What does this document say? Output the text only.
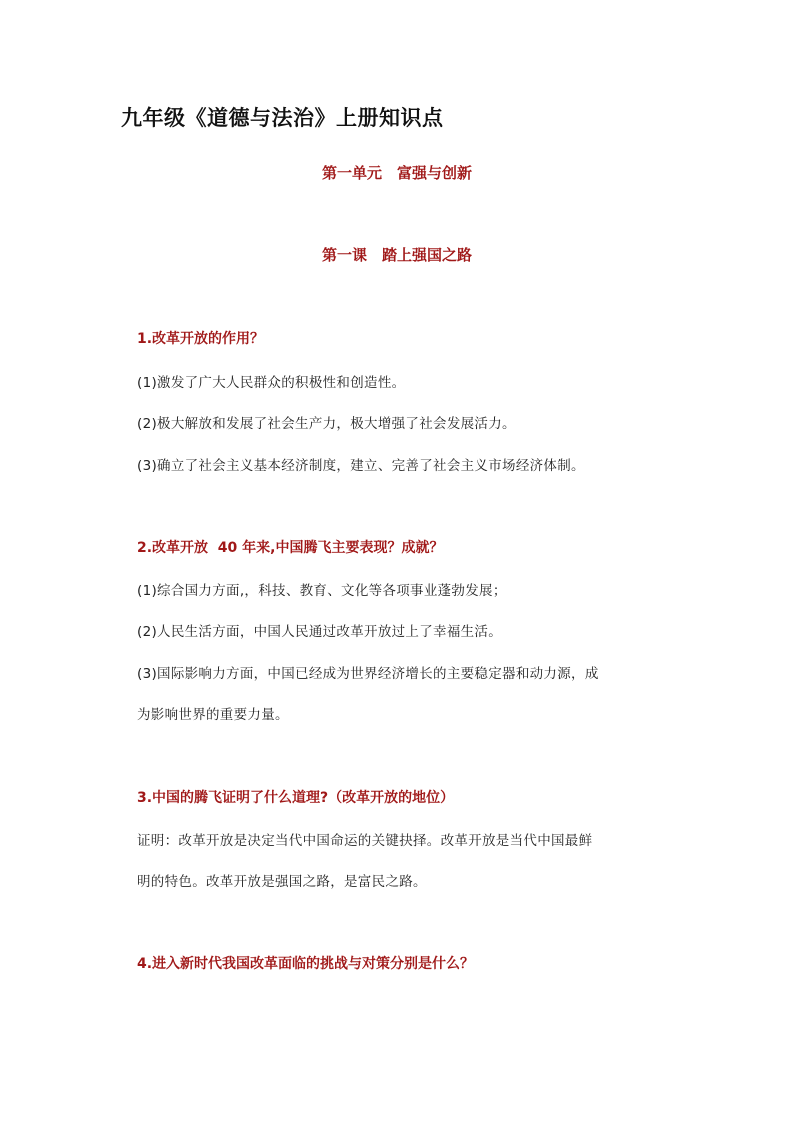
九年级《道德与法治》上册知识点
第一单元　富强与创新
第一课　踏上强国之路
1.改革开放的作用？
(1)激发了广大人民群众的积极性和创造性。
(2)极大解放和发展了社会生产力，极大增强了社会发展活力。
(3)确立了社会主义基本经济制度，建立、完善了社会主义市场经济体制。
2.改革开放  40 年来,中国腾飞主要表现？成就？
(1)综合国力方面,，科技、教育、文化等各项事业蓬勃发展；
(2)人民生活方面，中国人民通过改革开放过上了幸福生活。
(3)国际影响力方面，中国已经成为世界经济增长的主要稳定器和动力源，成
为影响世界的重要力量。
3.中国的腾飞证明了什么道理?（改革开放的地位）
证明：改革开放是决定当代中国命运的关键抉择。改革开放是当代中国最鲜
明的特色。改革开放是强国之路，是富民之路。
4.进入新时代我国改革面临的挑战与对策分别是什么？
